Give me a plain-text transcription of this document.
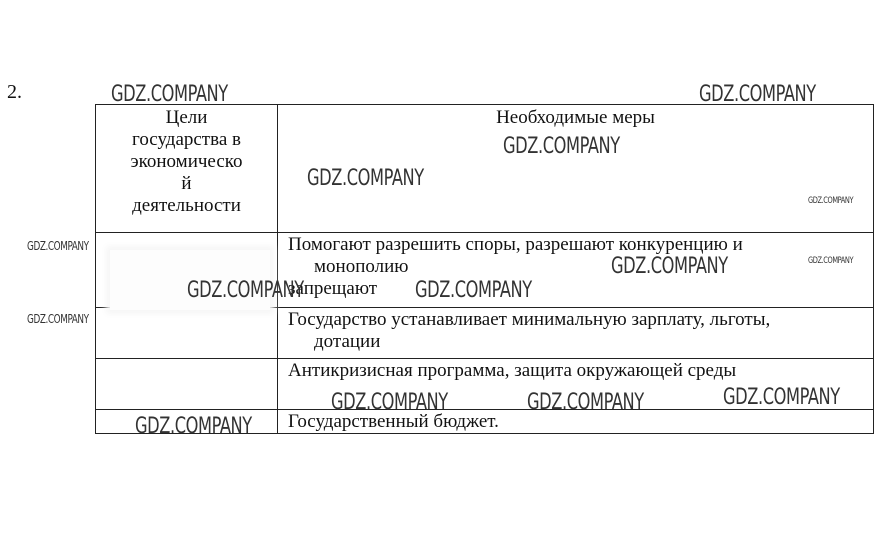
2.
Цели
государства в
экономическо
й
деятельности	Необходимые меры

	Помогают разрешить споры, разрешают конкуренцию и
монополию
запрещают

	Государство устанавливает минимальную зарплату, льготы,
дотации

	Антикризисная программа, защита окружающей среды

	Государственный бюджет.
GDZ.COMPANY	GDZ.COMPANY
GDZ.COMPANY
GDZ.COMPANY
GDZ.COMPANY
GDZ.COMPANY
GDZ.COMPANY
GDZ.COMPANY
GDZ.COMPANY	GDZ.COMPANY
GDZ.COMPANY
GDZ.COMPANY	GDZ.COMPANY	GDZ.COMPANY
GDZ.COMPANY
